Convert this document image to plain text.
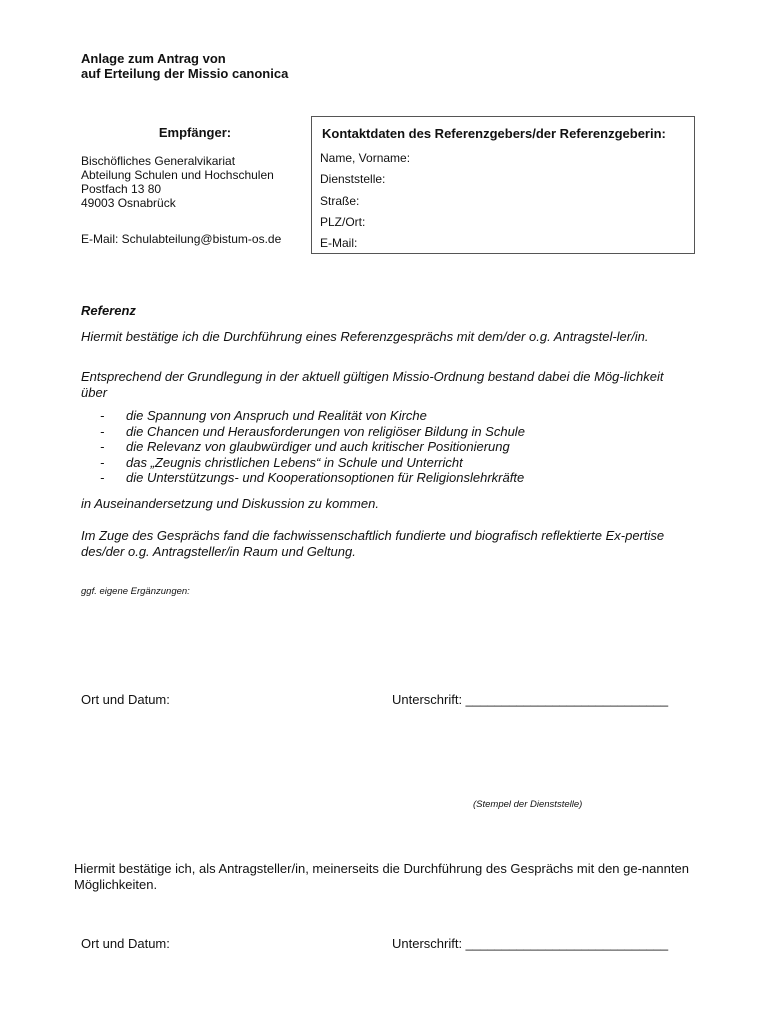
Anlage zum Antrag von
auf Erteilung der Missio canonica
Empfänger:
Bischöfliches Generalvikariat
Abteilung Schulen und Hochschulen
Postfach 13 80
49003 Osnabrück
E-Mail: Schulabteilung@bistum-os.de
Kontaktdaten des Referenzgebers/der Referenzgeberin:
Name, Vorname:
Dienststelle:
Straße:
PLZ/Ort:
E-Mail:
Referenz
Hiermit bestätige ich die Durchführung eines Referenzgesprächs mit dem/der o.g. Antragstel-ler/in.
Entsprechend der Grundlegung in der aktuell gültigen Missio-Ordnung bestand dabei die Mög-lichkeit über
-	die Spannung von Anspruch und Realität von Kirche
-	die Chancen und Herausforderungen von religiöser Bildung in Schule
-	die Relevanz von glaubwürdiger und auch kritischer Positionierung
-	das „Zeugnis christlichen Lebens“ in Schule und Unterricht
-	die Unterstützungs- und Kooperationsoptionen für Religionslehrkräfte
in Auseinandersetzung und Diskussion zu kommen.
Im Zuge des Gesprächs fand die fachwissenschaftlich fundierte und biografisch reflektierte Ex-pertise des/der o.g. Antragsteller/in Raum und Geltung.
ggf. eigene Ergänzungen:
Ort und Datum:	Unterschrift: ____________________________
(Stempel der Dienststelle)
Hiermit bestätige ich, als Antragsteller/in, meinerseits die Durchführung des Gesprächs mit den ge-nannten Möglichkeiten.
Ort und Datum:	Unterschrift: ____________________________
